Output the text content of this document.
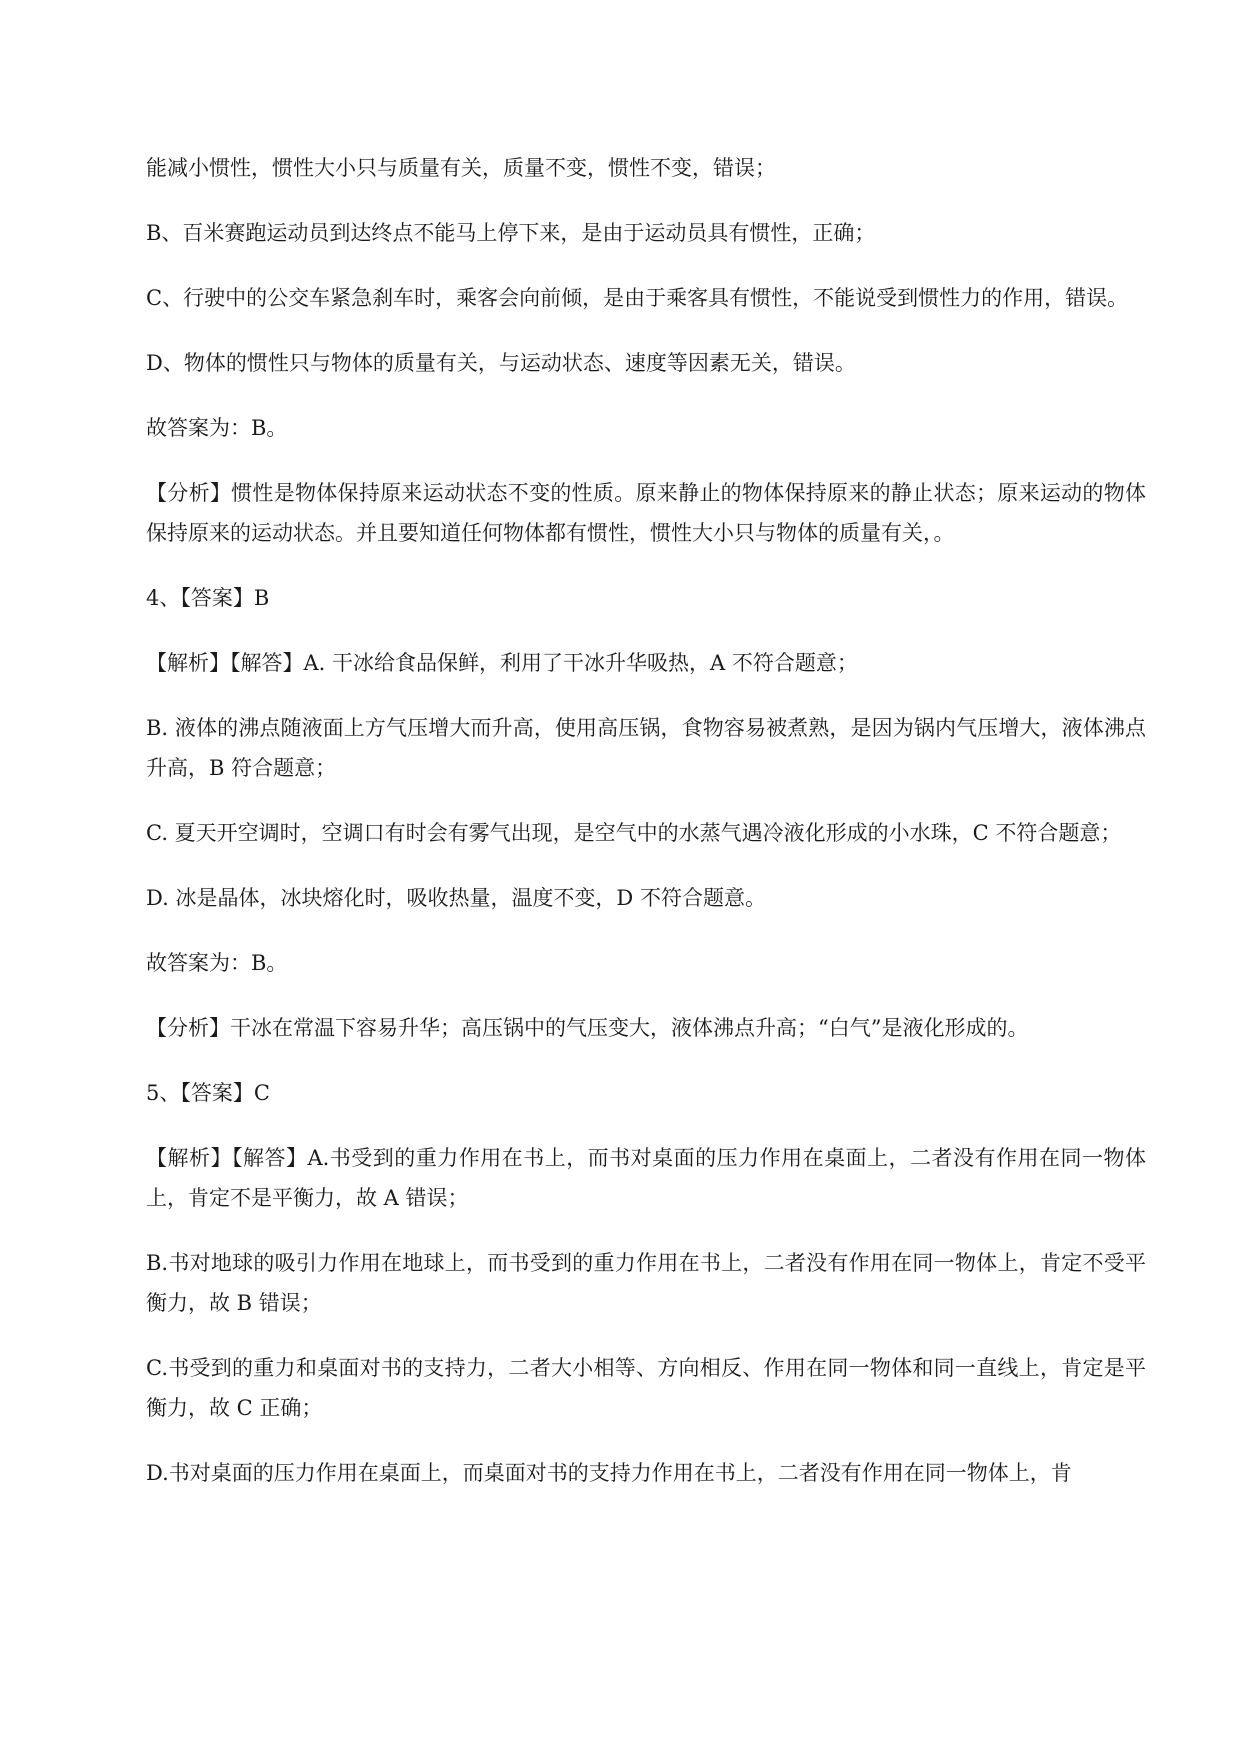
能减小惯性，惯性大小只与质量有关，质量不变，惯性不变，错误；

B、百米赛跑运动员到达终点不能马上停下来，是由于运动员具有惯性，正确；

C、行驶中的公交车紧急刹车时，乘客会向前倾，是由于乘客具有惯性，不能说受到惯性力的作用，错误。

D、物体的惯性只与物体的质量有关，与运动状态、速度等因素无关，错误。

故答案为：B。

【分析】惯性是物体保持原来运动状态不变的性质。原来静止的物体保持原来的静止状态；原来运动的物体保持原来的运动状态。并且要知道任何物体都有惯性，惯性大小只与物体的质量有关，。

4、【答案】B

【解析】【解答】A. 干冰给食品保鲜，利用了干冰升华吸热，A 不符合题意；

B. 液体的沸点随液面上方气压增大而升高，使用高压锅，食物容易被煮熟，是因为锅内气压增大，液体沸点升高，B 符合题意；

C. 夏天开空调时，空调口有时会有雾气出现，是空气中的水蒸气遇冷液化形成的小水珠，C 不符合题意；

D. 冰是晶体，冰块熔化时，吸收热量，温度不变，D 不符合题意。

故答案为：B。

【分析】干冰在常温下容易升华；高压锅中的气压变大，液体沸点升高；“白气”是液化形成的。

5、【答案】C

【解析】【解答】A.书受到的重力作用在书上，而书对桌面的压力作用在桌面上，二者没有作用在同一物体上，肯定不是平衡力，故 A 错误；

B.书对地球的吸引力作用在地球上，而书受到的重力作用在书上，二者没有作用在同一物体上，肯定不受平衡力，故 B 错误；

C.书受到的重力和桌面对书的支持力，二者大小相等、方向相反、作用在同一物体和同一直线上，肯定是平衡力，故 C 正确；

D.书对桌面的压力作用在桌面上，而桌面对书的支持力作用在书上，二者没有作用在同一物体上，肯
